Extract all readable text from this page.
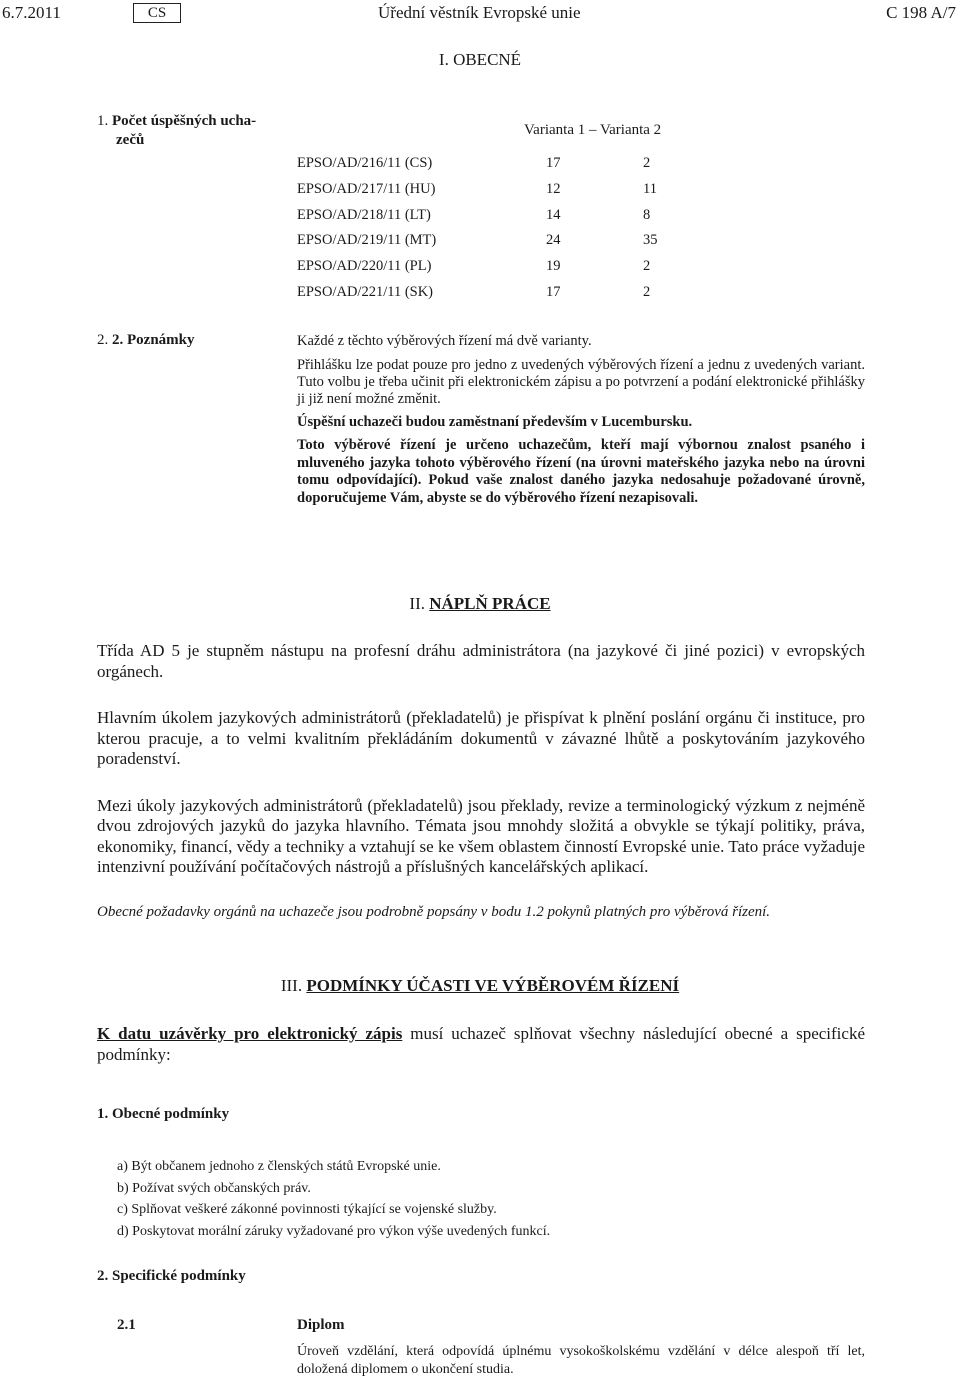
6.7.2011	CS	Úřední věstník Evropské unie	C 198 A/7
I. OBECNÉ
1. Počet úspěšných ucha-
zečů
Varianta 1 – Varianta 2
EPSO/AD/216/11 (CS)	17	2
EPSO/AD/217/11 (HU)	12	11
EPSO/AD/218/11 (LT)	14	8
EPSO/AD/219/11 (MT)	24	35
EPSO/AD/220/11 (PL)	19	2
EPSO/AD/221/11 (SK)	17	2
2. 2. Poznámky	Každé z těchto výběrových řízení má dvě varianty.

Přihlášku lze podat pouze pro jedno z uvedených výběrových řízení a jednu z uvedených variant. Tuto volbu je třeba učinit při elektronickém zápisu a po potvrzení a podání elektronické přihlášky ji již není možné změnit.

Úspěšní uchazeči budou zaměstnaní především v Lucembursku.

Toto výběrové řízení je určeno uchazečům, kteří mají výbornou znalost psaného i mluveného jazyka tohoto výběrového řízení (na úrovni mateřského jazyka nebo na úrovni tomu odpovídající). Pokud vaše znalost daného jazyka nedosahuje požadované úrovně, doporučujeme Vám, abyste se do výběrového řízení nezapisovali.

II. NÁPLŇ PRÁCE

Třída AD 5 je stupněm nástupu na profesní dráhu administrátora (na jazykové či jiné pozici) v evropských orgánech.

Hlavním úkolem jazykových administrátorů (překladatelů) je přispívat k plnění poslání orgánu či instituce, pro kterou pracuje, a to velmi kvalitním překládáním dokumentů v závazné lhůtě a poskytováním jazykového poradenství.

Mezi úkoly jazykových administrátorů (překladatelů) jsou překlady, revize a terminologický výzkum z nejméně dvou zdrojových jazyků do jazyka hlavního. Témata jsou mnohdy složitá a obvykle se týkají politiky, práva, ekonomiky, financí, vědy a techniky a vztahují se ke všem oblastem činností Evropské unie. Tato práce vyžaduje intenzivní používání počítačových nástrojů a příslušných kancelářských aplikací.

Obecné požadavky orgánů na uchazeče jsou podrobně popsány v bodu 1.2 pokynů platných pro výběrová řízení.

III. PODMÍNKY ÚČASTI VE VÝBĚROVÉM ŘÍZENÍ
K datu uzávěrky pro elektronický zápis musí uchazeč splňovat všechny následující obecné a specifické podmínky:
1. Obecné podmínky
a) Být občanem jednoho z členských států Evropské unie.
b) Požívat svých občanských práv.
c) Splňovat veškeré zákonné povinnosti týkající se vojenské služby.
d) Poskytovat morální záruky vyžadované pro výkon výše uvedených funkcí.
2. Specifické podmínky
2.1	Diplom
Úroveň vzdělání, která odpovídá úplnému vysokoškolskému vzdělání v délce alespoň tří let, doložená diplomem o ukončení studia.
